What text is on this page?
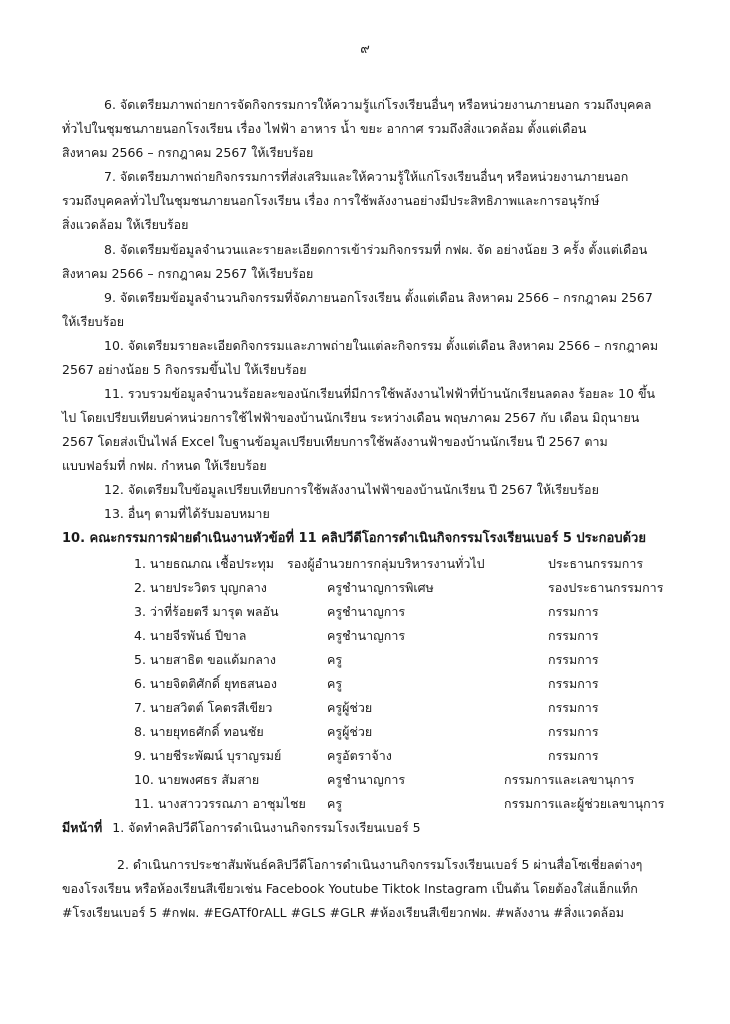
๙
6. จัดเตรียมภาพถ่ายการจัดกิจกรรมการให้ความรู้แก่โรงเรียนอื่นๆ หรือหน่วยงานภายนอก รวมถึงบุคคล
ทั่วไปในชุมชนภายนอกโรงเรียน เรื่อง ไฟฟ้า อาหาร น้ำ ขยะ อากาศ รวมถึงสิ่งแวดล้อม ตั้งแต่เดือน
สิงหาคม 2566 – กรกฎาคม 2567 ให้เรียบร้อย
7. จัดเตรียมภาพถ่ายกิจกรรมการที่ส่งเสริมและให้ความรู้ให้แก่โรงเรียนอื่นๆ หรือหน่วยงานภายนอก
รวมถึงบุคคลทั่วไปในชุมชนภายนอกโรงเรียน เรื่อง การใช้พลังงานอย่างมีประสิทธิภาพและการอนุรักษ์
สิ่งแวดล้อม ให้เรียบร้อย
8. จัดเตรียมข้อมูลจำนวนและรายละเอียดการเข้าร่วมกิจกรรมที่ กฟผ. จัด อย่างน้อย 3 ครั้ง ตั้งแต่เดือน
สิงหาคม 2566 – กรกฎาคม 2567 ให้เรียบร้อย
9. จัดเตรียมข้อมูลจำนวนกิจกรรมที่จัดภายนอกโรงเรียน ตั้งแต่เดือน สิงหาคม 2566 – กรกฎาคม 2567
ให้เรียบร้อย
10. จัดเตรียมรายละเอียดกิจกรรมและภาพถ่ายในแต่ละกิจกรรม ตั้งแต่เดือน สิงหาคม 2566 – กรกฎาคม
2567 อย่างน้อย 5 กิจกรรมขึ้นไป ให้เรียบร้อย
11. รวบรวมข้อมูลจำนวนร้อยละของนักเรียนที่มีการใช้พลังงานไฟฟ้าที่บ้านนักเรียนลดลง ร้อยละ 10 ขึ้น
ไป โดยเปรียบเทียบค่าหน่วยการใช้ไฟฟ้าของบ้านนักเรียน ระหว่างเดือน พฤษภาคม 2567 กับ เดือน มิถุนายน
2567 โดยส่งเป็นไฟล์ Excel ใบฐานข้อมูลเปรียบเทียบการใช้พลังงานฟ้าของบ้านนักเรียน ปี 2567 ตาม
แบบฟอร์มที่ กฟผ. กำหนด ให้เรียบร้อย
12. จัดเตรียมใบข้อมูลเปรียบเทียบการใช้พลังงานไฟฟ้าของบ้านนักเรียน ปี 2567 ให้เรียบร้อย
13. อื่นๆ ตามที่ได้รับมอบหมาย
10. คณะกรรมการฝ่ายดำเนินงานหัวข้อที่ 11 คลิปวีดีโอการดำเนินกิจกรรมโรงเรียนเบอร์ 5 ประกอบด้วย
1. นายธณภณ เชื้อประทุม รองผู้อำนวยการกลุ่มบริหารงานทั่วไป	ประธานกรรมการ
2. นายประวิตร บุญกลาง	ครูชำนาญการพิเศษ	รองประธานกรรมการ
3. ว่าที่ร้อยตรี มารุต พลอัน	ครูชำนาญการ	กรรมการ
4. นายจีรพันธ์ ปีขาล	ครูชำนาญการ	กรรมการ
5. นายสาธิต ขอแด้มกลาง	ครู	กรรมการ
6. นายจิตติศักดิ์ ยุทธสนอง	ครู	กรรมการ
7. นายสวิตต์ โคตรสีเขียว	ครูผู้ช่วย	กรรมการ
8. นายยุทธศักดิ์ ทอนชัย	ครูผู้ช่วย	กรรมการ
9. นายชีระพัฒน์ บุราญรมย์	ครูอัตราจ้าง	กรรมการ
10. นายพงศธร สัมสาย	ครูชำนาญการ	กรรมการและเลขานุการ
11. นางสาววรรณภา อาชุมไชย ครู	กรรมการและผู้ช่วยเลขานุการ
มีหน้าที่ 1. จัดทำคลิปวีดีโอการดำเนินงานกิจกรรมโรงเรียนเบอร์ 5
2. ดำเนินการประชาสัมพันธ์คลิปวีดีโอการดำเนินงานกิจกรรมโรงเรียนเบอร์ 5 ผ่านสื่อโซเชี่ยลต่างๆ
ของโรงเรียน หรือห้องเรียนสีเขียวเช่น Facebook Youtube Tiktok Instagram เป็นต้น โดยต้องใส่แฮ็กแท็ก
#โรงเรียนเบอร์ 5 #กฟผ. #EGATf0rALL #GLS #GLR #ห้องเรียนสีเขียวกฟผ. #พลังงาน #สิ่งแวดล้อม
